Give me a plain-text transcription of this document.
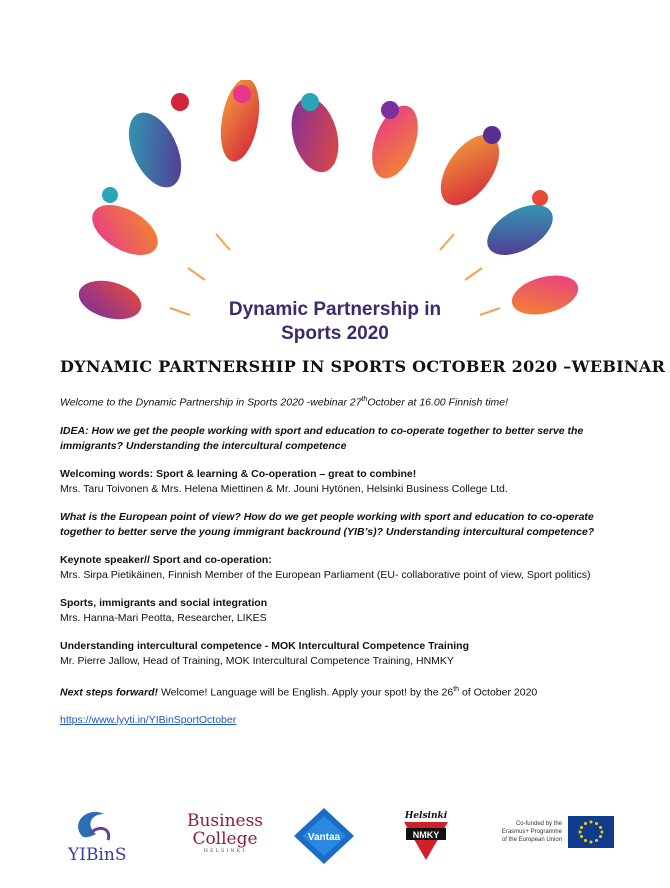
Dynamic Partnership in
Sports 2020
DYNAMIC PARTNERSHIP IN SPORTS OCTOBER 2020 –WEBINAR

Welcome to the Dynamic Partnership in Sports 2020 -webinar 27thOctober at 16.00 Finnish time!

IDEA: How we get the people working with sport and education to co-operate together to better serve the immigrants? Understanding the intercultural competence

Welcoming words: Sport & learning & Co-operation – great to combine!

Mrs. Taru Toivonen & Mrs. Helena Miettinen & Mr. Jouni Hytönen, Helsinki Business College Ltd.

What is the European point of view? How do we get people working with sport and education to co-operate together to better serve the young immigrant backround (YIB’s)? Understanding intercultural competence?

Keynote speaker// Sport and co-operation:

Mrs. Sirpa Pietikäinen, Finnish Member of the European Parliament (EU- collaborative point of view, Sport politics)

Sports, immigrants and social integration

Mrs. Hanna-Mari Peotta, Researcher, LIKES

Understanding intercultural competence - MOK Intercultural Competence Training

Mr. Pierre Jallow, Head of Training, MOK Intercultural Competence Training, HNMKY

Next steps forward! Welcome! Language will be English. Apply your spot! by the 26th of October 2020

https://www.lyyti.in/YIBinSportOctober

YIBinS
Business
College
HELSINKI
Vantaa
Helsinki
NMKY
Co-funded by the
Erasmus+ Programme
of the European Union
